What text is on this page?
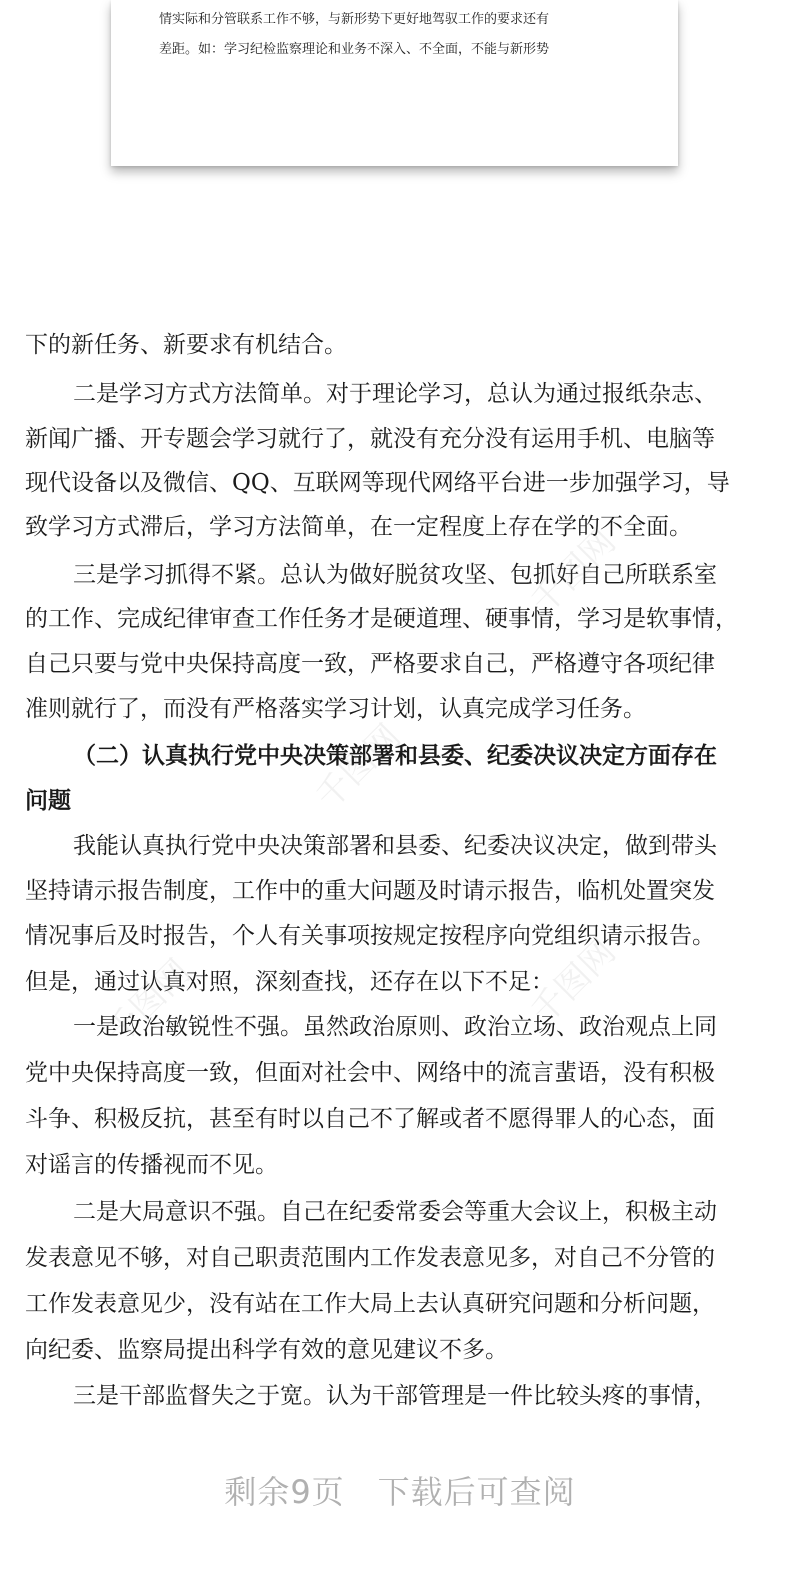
情实际和分管联系工作不够，与新形势下更好地驾驭工作的要求还有
差距。如：学习纪检监察理论和业务不深入、不全面，不能与新形势
下的新任务、新要求有机结合。
二是学习方式方法简单。对于理论学习，总认为通过报纸杂志、
新闻广播、开专题会学习就行了，就没有充分没有运用手机、电脑等
现代设备以及微信、QQ、互联网等现代网络平台进一步加强学习，导
致学习方式滞后，学习方法简单，在一定程度上存在学的不全面。
三是学习抓得不紧。总认为做好脱贫攻坚、包抓好自己所联系室
的工作、完成纪律审查工作任务才是硬道理、硬事情，学习是软事情，
自己只要与党中央保持高度一致，严格要求自己，严格遵守各项纪律
准则就行了，而没有严格落实学习计划，认真完成学习任务。
（二）认真执行党中央决策部署和县委、纪委决议决定方面存在
问题
我能认真执行党中央决策部署和县委、纪委决议决定，做到带头
坚持请示报告制度，工作中的重大问题及时请示报告，临机处置突发
情况事后及时报告，个人有关事项按规定按程序向党组织请示报告。
但是，通过认真对照，深刻查找，还存在以下不足：
一是政治敏锐性不强。虽然政治原则、政治立场、政治观点上同
党中央保持高度一致，但面对社会中、网络中的流言蜚语，没有积极
斗争、积极反抗，甚至有时以自己不了解或者不愿得罪人的心态，面
对谣言的传播视而不见。
二是大局意识不强。自己在纪委常委会等重大会议上，积极主动
发表意见不够，对自己职责范围内工作发表意见多，对自己不分管的
工作发表意见少，没有站在工作大局上去认真研究问题和分析问题，
向纪委、监察局提出科学有效的意见建议不多。
三是干部监督失之于宽。认为干部管理是一件比较头疼的事情，
千图网
千图网
千图网
千图网
剩余9页　下载后可查阅
